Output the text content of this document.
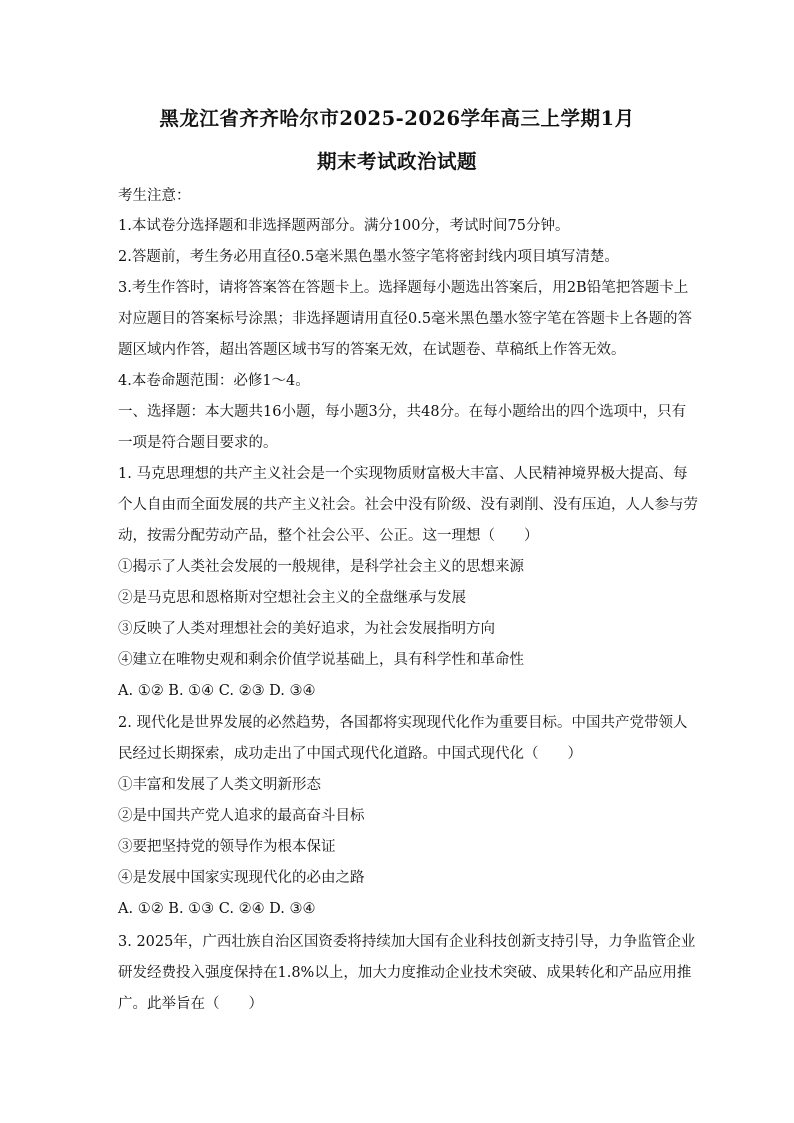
黑龙江省齐齐哈尔市2025-2026学年高三上学期1月
期末考试政治试题
考生注意：
1.本试卷分选择题和非选择题两部分。满分100分，考试时间75分钟。
2.答题前，考生务必用直径0.5毫米黑色墨水签字笔将密封线内项目填写清楚。
3.考生作答时，请将答案答在答题卡上。选择题每小题选出答案后，用2B铅笔把答题卡上
对应题目的答案标号涂黑；非选择题请用直径0.5毫米黑色墨水签字笔在答题卡上各题的答
题区域内作答，超出答题区域书写的答案无效，在试题卷、草稿纸上作答无效。
4.本卷命题范围：必修1～4。
一、选择题：本大题共16小题，每小题3分，共48分。在每小题给出的四个选项中，只有
一项是符合题目要求的。
1. 马克思理想的共产主义社会是一个实现物质财富极大丰富、人民精神境界极大提高、每
个人自由而全面发展的共产主义社会。社会中没有阶级、没有剥削、没有压迫，人人参与劳
动，按需分配劳动产品，整个社会公平、公正。这一理想（　　）
①揭示了人类社会发展的一般规律，是科学社会主义的思想来源
②是马克思和恩格斯对空想社会主义的全盘继承与发展
③反映了人类对理想社会的美好追求，为社会发展指明方向
④建立在唯物史观和剩余价值学说基础上，具有科学性和革命性
A. ①② B. ①④ C. ②③ D. ③④
2. 现代化是世界发展的必然趋势，各国都将实现现代化作为重要目标。中国共产党带领人
民经过长期探索，成功走出了中国式现代化道路。中国式现代化（　　）
①丰富和发展了人类文明新形态
②是中国共产党人追求的最高奋斗目标
③要把坚持党的领导作为根本保证
④是发展中国家实现现代化的必由之路
A. ①② B. ①③ C. ②④ D. ③④
3. 2025年，广西壮族自治区国资委将持续加大国有企业科技创新支持引导，力争监管企业
研发经费投入强度保持在1.8%以上，加大力度推动企业技术突破、成果转化和产品应用推
广。此举旨在（　　）
